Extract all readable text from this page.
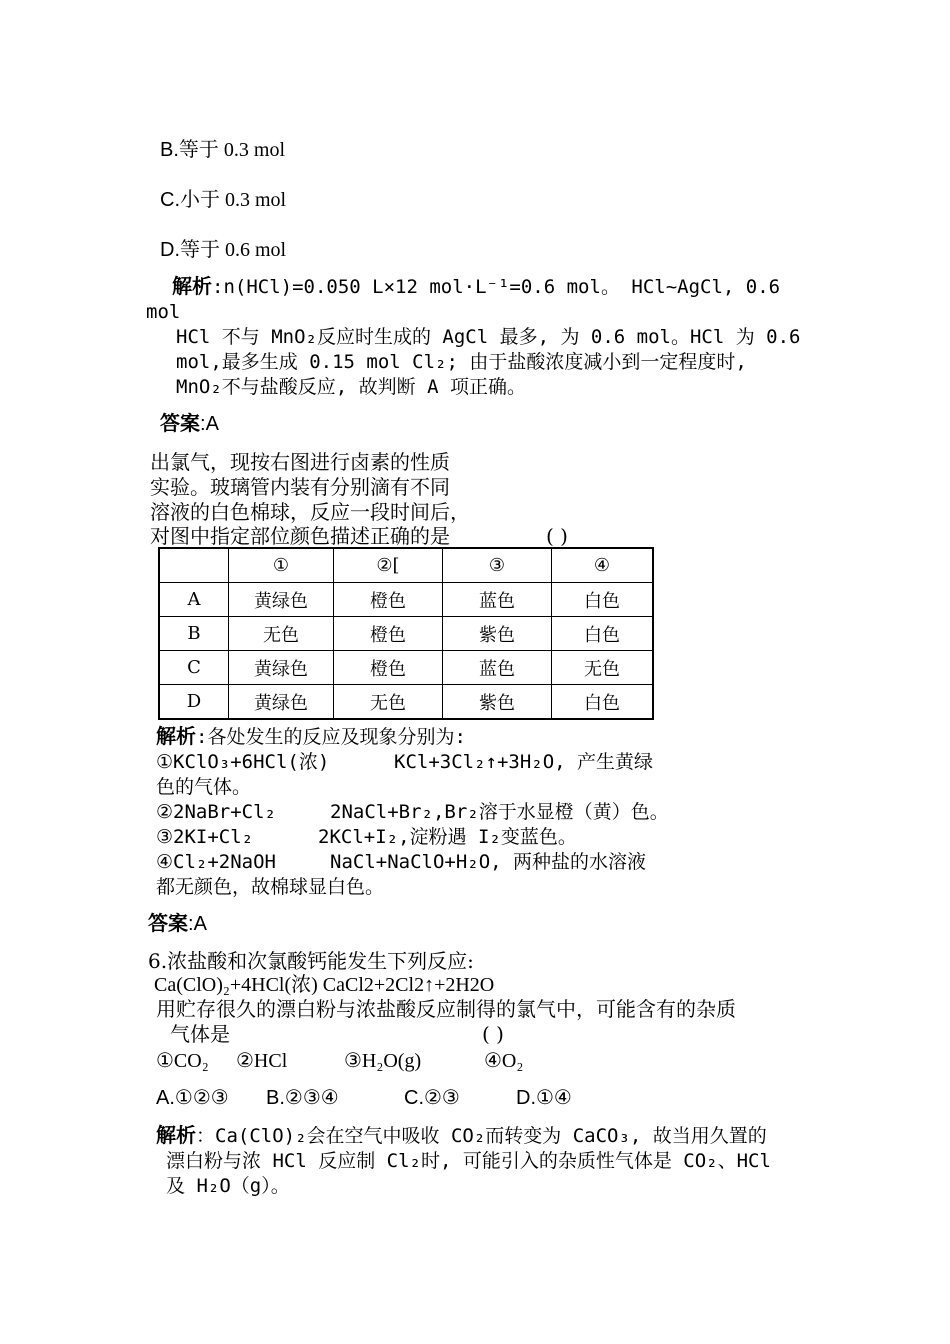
B.等于 0.3 mol
C.小于 0.3 mol
D.等于 0.6 mol
解析:n(HCl)=0.050 L×12 mol·L⁻¹=0.6 mol。 HCl~AgCl, 0.6
mol
HCl 不与 MnO₂反应时生成的 AgCl 最多, 为 0.6 mol。HCl 为 0.6
mol,最多生成 0.15 mol Cl₂; 由于盐酸浓度减小到一定程度时,
MnO₂不与盐酸反应, 故判断 A 项正确。
答案:A
出氯气，现按右图进行卤素的性质
实验。玻璃管内装有分别滴有不同
溶液的白色棉球，反应一段时间后，
对图中指定部位颜色描述正确的是	( )
	①	②[	③	④
A	黄绿色	橙色	蓝色	白色
B	无色	橙色	紫色	白色
C	黄绿色	橙色	蓝色	无色
D	黄绿色	无色	紫色	白色
解析:各处发生的反应及现象分别为:
①KClO₃+6HCl(浓)	KCl+3Cl₂↑+3H₂O, 产生黄绿
色的气体。
②2NaBr+Cl₂	2NaCl+Br₂,Br₂溶于水显橙（黄）色。
③2KI+Cl₂	2KCl+I₂,淀粉遇 I₂变蓝色。
④Cl₂+2NaOH	NaCl+NaClO+H₂O, 两种盐的水溶液
都无颜色，故棉球显白色。
答案:A
6.浓盐酸和次氯酸钙能发生下列反应:
Ca(ClO)₂+4HCl(浓) CaCl2+2Cl2↑+2H2O
用贮存很久的漂白粉与浓盐酸反应制得的氯气中，可能含有的杂质
气体是	( )
①CO₂ ②HCl	③H₂O(g)	④O₂
A.①②③ B.②③④	C.②③	D.①④
解析：Ca(ClO)₂会在空气中吸收 CO₂而转变为 CaCO₃, 故当用久置的
漂白粉与浓 HCl 反应制 Cl₂时, 可能引入的杂质性气体是 CO₂、HCl
及 H₂O（g）。
